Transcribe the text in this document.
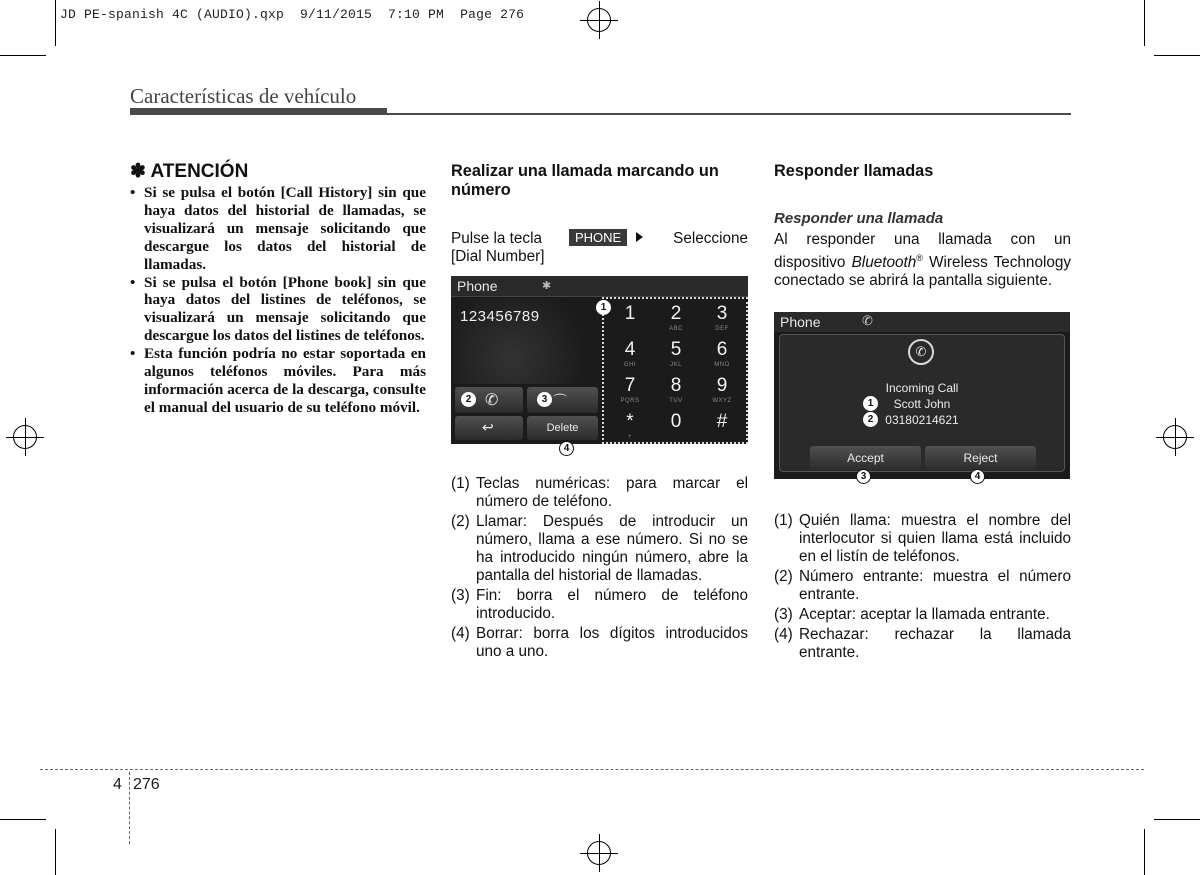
JD PE-spanish 4C (AUDIO).qxp  9/11/2015  7:10 PM  Page 276
Características de vehículo
✽ ATENCIÓN
• Si se pulsa el botón [Call History] sin que haya datos del historial de llamadas, se visualizará un mensaje solicitando que descargue los datos del historial de llamadas.
• Si se pulsa el botón [Phone book] sin que haya datos del listines de teléfonos, se visualizará un mensaje solicitando que descargue los datos del listines de teléfonos.
• Esta función podría no estar soportada en algunos teléfonos móviles. Para más información acerca de la descarga, consulte el manual del usuario de su teléfono móvil.
Realizar una llamada marcando un número
Pulse la tecla	PHONE	Seleccione
[Dial Number]
Phone	✱
123456789	1	2
ABC
3
DEF
4
GHI
5
JKL
6
MNO
7
PQRS
8
TUV
9
WXYZ
*
+
0	#
✆	⌒
↩	Delete
1
2	3
4
(1) Teclas numéricas: para marcar el número de teléfono.
(2) Llamar: Después de introducir un número, llama a ese número. Si no se ha introducido ningún número, abre la pantalla del historial de llamadas.
(3) Fin: borra el número de teléfono introducido.
(4) Borrar: borra los dígitos introducidos uno a uno.
Responder llamadas
Responder una llamada
Al responder una llamada con un dispositivo Bluetooth® Wireless Technology conectado se abrirá la pantalla siguiente.
Phone	✆
✆
Incoming Call
Scott John
03180214621
Accept	Reject
1
2
3	4
(1) Quién llama: muestra el nombre del interlocutor si quien llama está incluido en el listín de teléfonos.
(2) Número entrante: muestra el número entrante.
(3) Aceptar: aceptar la llamada entrante.
(4) Rechazar: rechazar la llamada entrante.
4 276
